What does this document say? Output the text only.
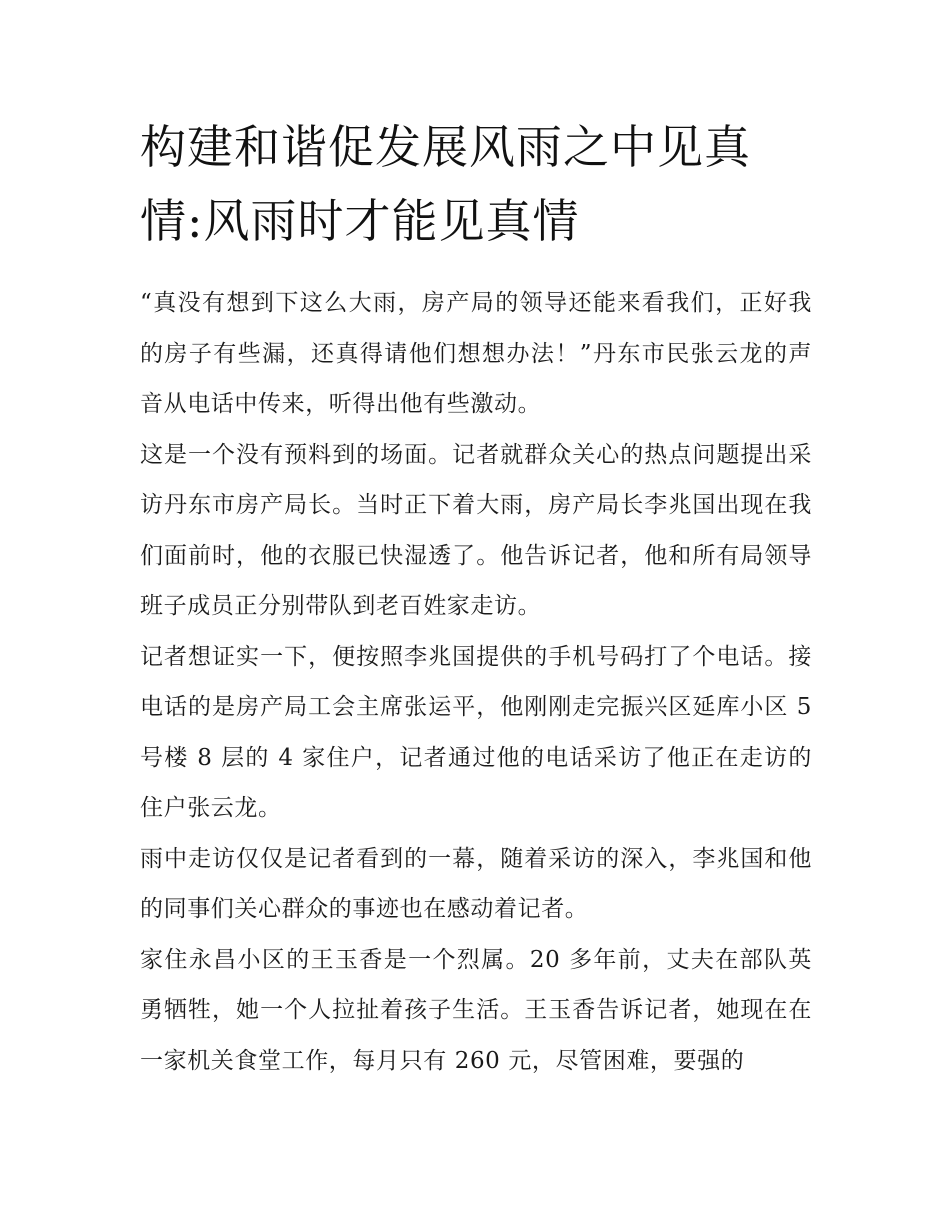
构建和谐促发展风雨之中见真情:风雨时才能见真情

“真没有想到下这么大雨，房产局的领导还能来看我们，正好我的房子有些漏，还真得请他们想想办法！”丹东市民张云龙的声音从电话中传来，听得出他有些激动。

这是一个没有预料到的场面。记者就群众关心的热点问题提出采访丹东市房产局长。当时正下着大雨，房产局长李兆国出现在我们面前时，他的衣服已快湿透了。他告诉记者，他和所有局领导班子成员正分别带队到老百姓家走访。

记者想证实一下，便按照李兆国提供的手机号码打了个电话。接电话的是房产局工会主席张运平，他刚刚走完振兴区延库小区 5 号楼 8 层的 4 家住户，记者通过他的电话采访了他正在走访的住户张云龙。

雨中走访仅仅是记者看到的一幕，随着采访的深入，李兆国和他的同事们关心群众的事迹也在感动着记者。

家住永昌小区的王玉香是一个烈属。20 多年前，丈夫在部队英勇牺牲，她一个人拉扯着孩子生活。王玉香告诉记者，她现在在一家机关食堂工作，每月只有 260 元，尽管困难，要强的
